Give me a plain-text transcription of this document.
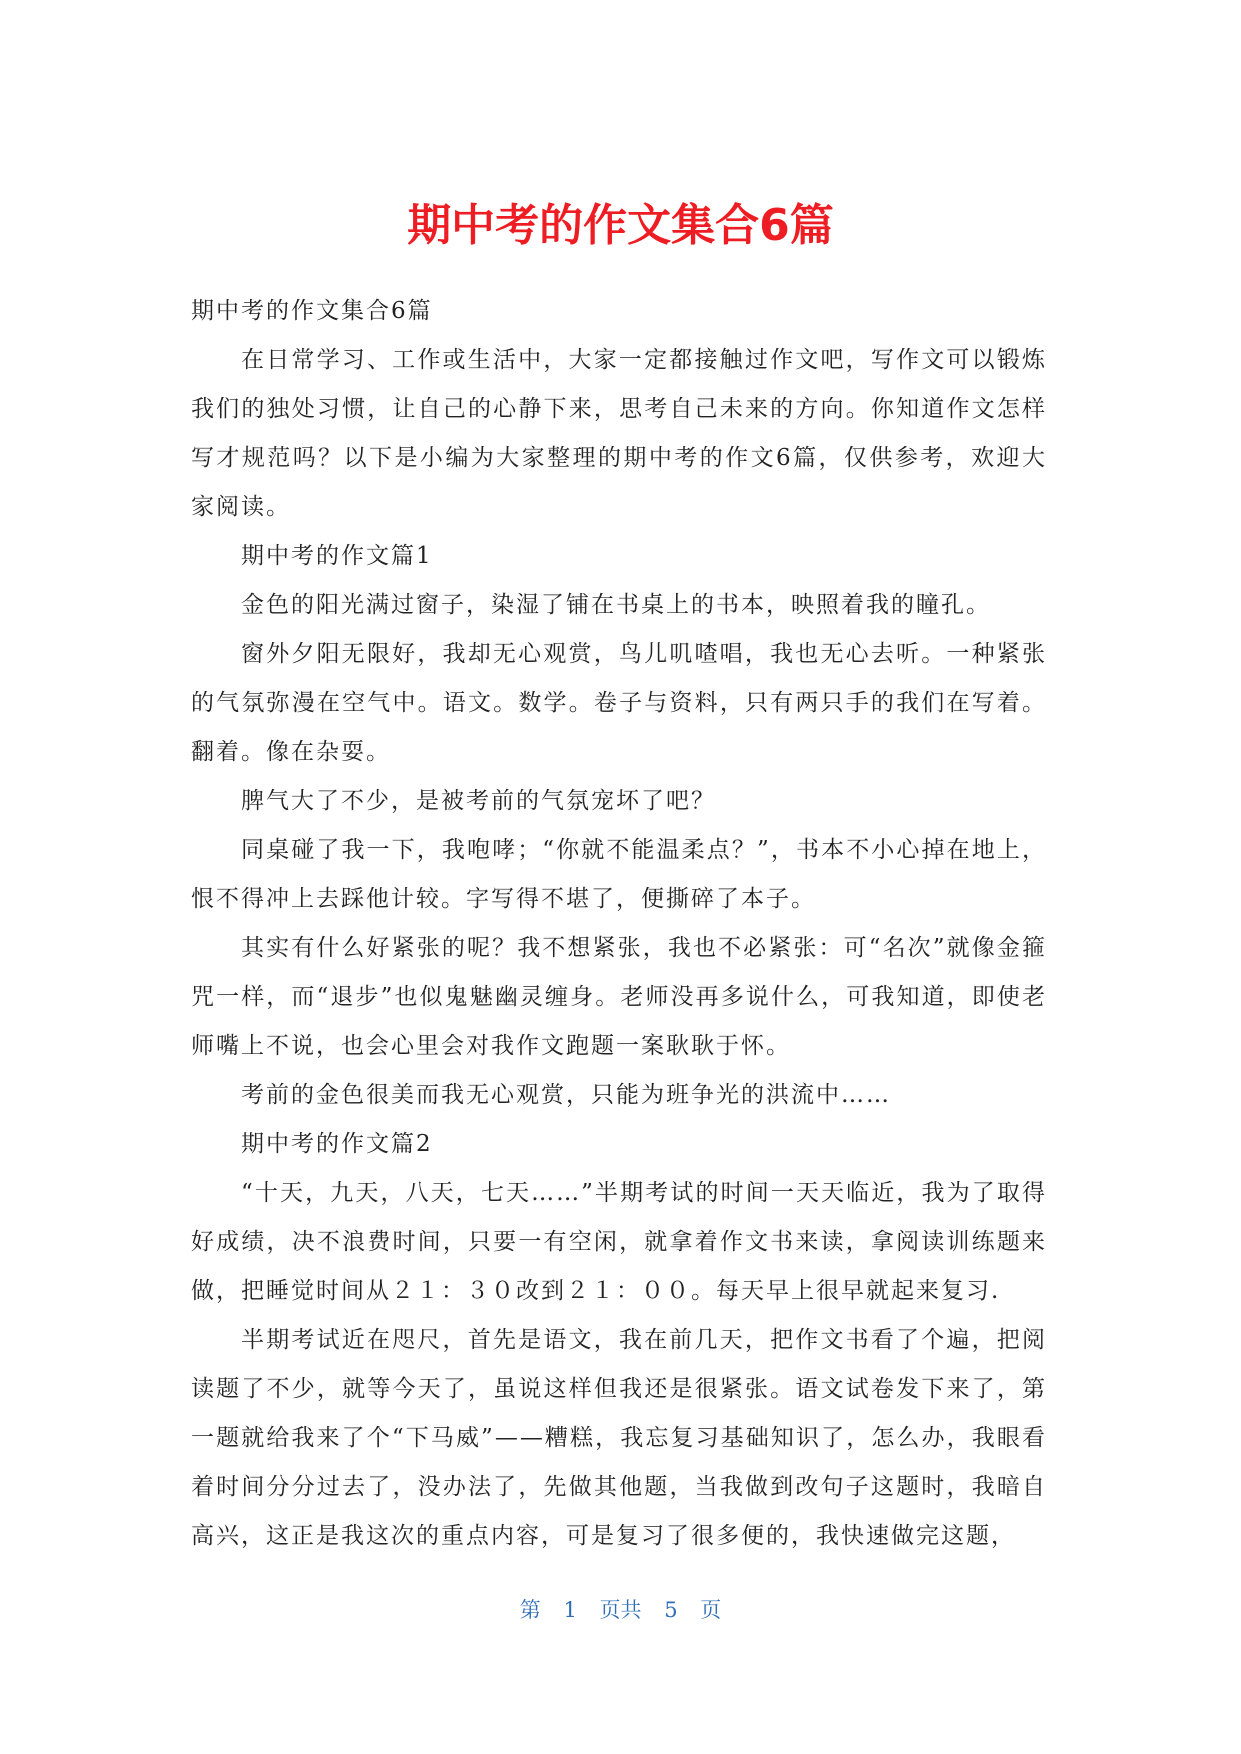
期中考的作文集合6篇

期中考的作文集合6篇

在日常学习、工作或生活中，大家一定都接触过作文吧，写作文可以锻炼我们的独处习惯，让自己的心静下来，思考自己未来的方向。你知道作文怎样写才规范吗？以下是小编为大家整理的期中考的作文6篇，仅供参考，欢迎大家阅读。

期中考的作文篇1

金色的阳光满过窗子，染湿了铺在书桌上的书本，映照着我的瞳孔。

窗外夕阳无限好，我却无心观赏，鸟儿叽喳唱，我也无心去听。一种紧张的气氛弥漫在空气中。语文。数学。卷子与资料，只有两只手的我们在写着。翻着。像在杂耍。

脾气大了不少，是被考前的气氛宠坏了吧？

同桌碰了我一下，我咆哮；“你就不能温柔点？”，书本不小心掉在地上，恨不得冲上去踩他计较。字写得不堪了，便撕碎了本子。

其实有什么好紧张的呢？我不想紧张，我也不必紧张：可“名次”就像金箍咒一样，而“退步”也似鬼魅幽灵缠身。老师没再多说什么，可我知道，即使老师嘴上不说，也会心里会对我作文跑题一案耿耿于怀。

考前的金色很美而我无心观赏，只能为班争光的洪流中……

期中考的作文篇2

“十天，九天，八天，七天……”半期考试的时间一天天临近，我为了取得好成绩，决不浪费时间，只要一有空闲，就拿着作文书来读，拿阅读训练题来做，把睡觉时间从２１：３０改到２１：００。每天早上很早就起来复习.

半期考试近在咫尺，首先是语文，我在前几天，把作文书看了个遍，把阅读题了不少，就等今天了，虽说这样但我还是很紧张。语文试卷发下来了，第一题就给我来了个“下马威”——糟糕，我忘复习基础知识了，怎么办，我眼看着时间分分过去了，没办法了，先做其他题，当我做到改句子这题时，我暗自高兴，这正是我这次的重点内容，可是复习了很多便的，我快速做完这题，

第 1 页共 5 页
